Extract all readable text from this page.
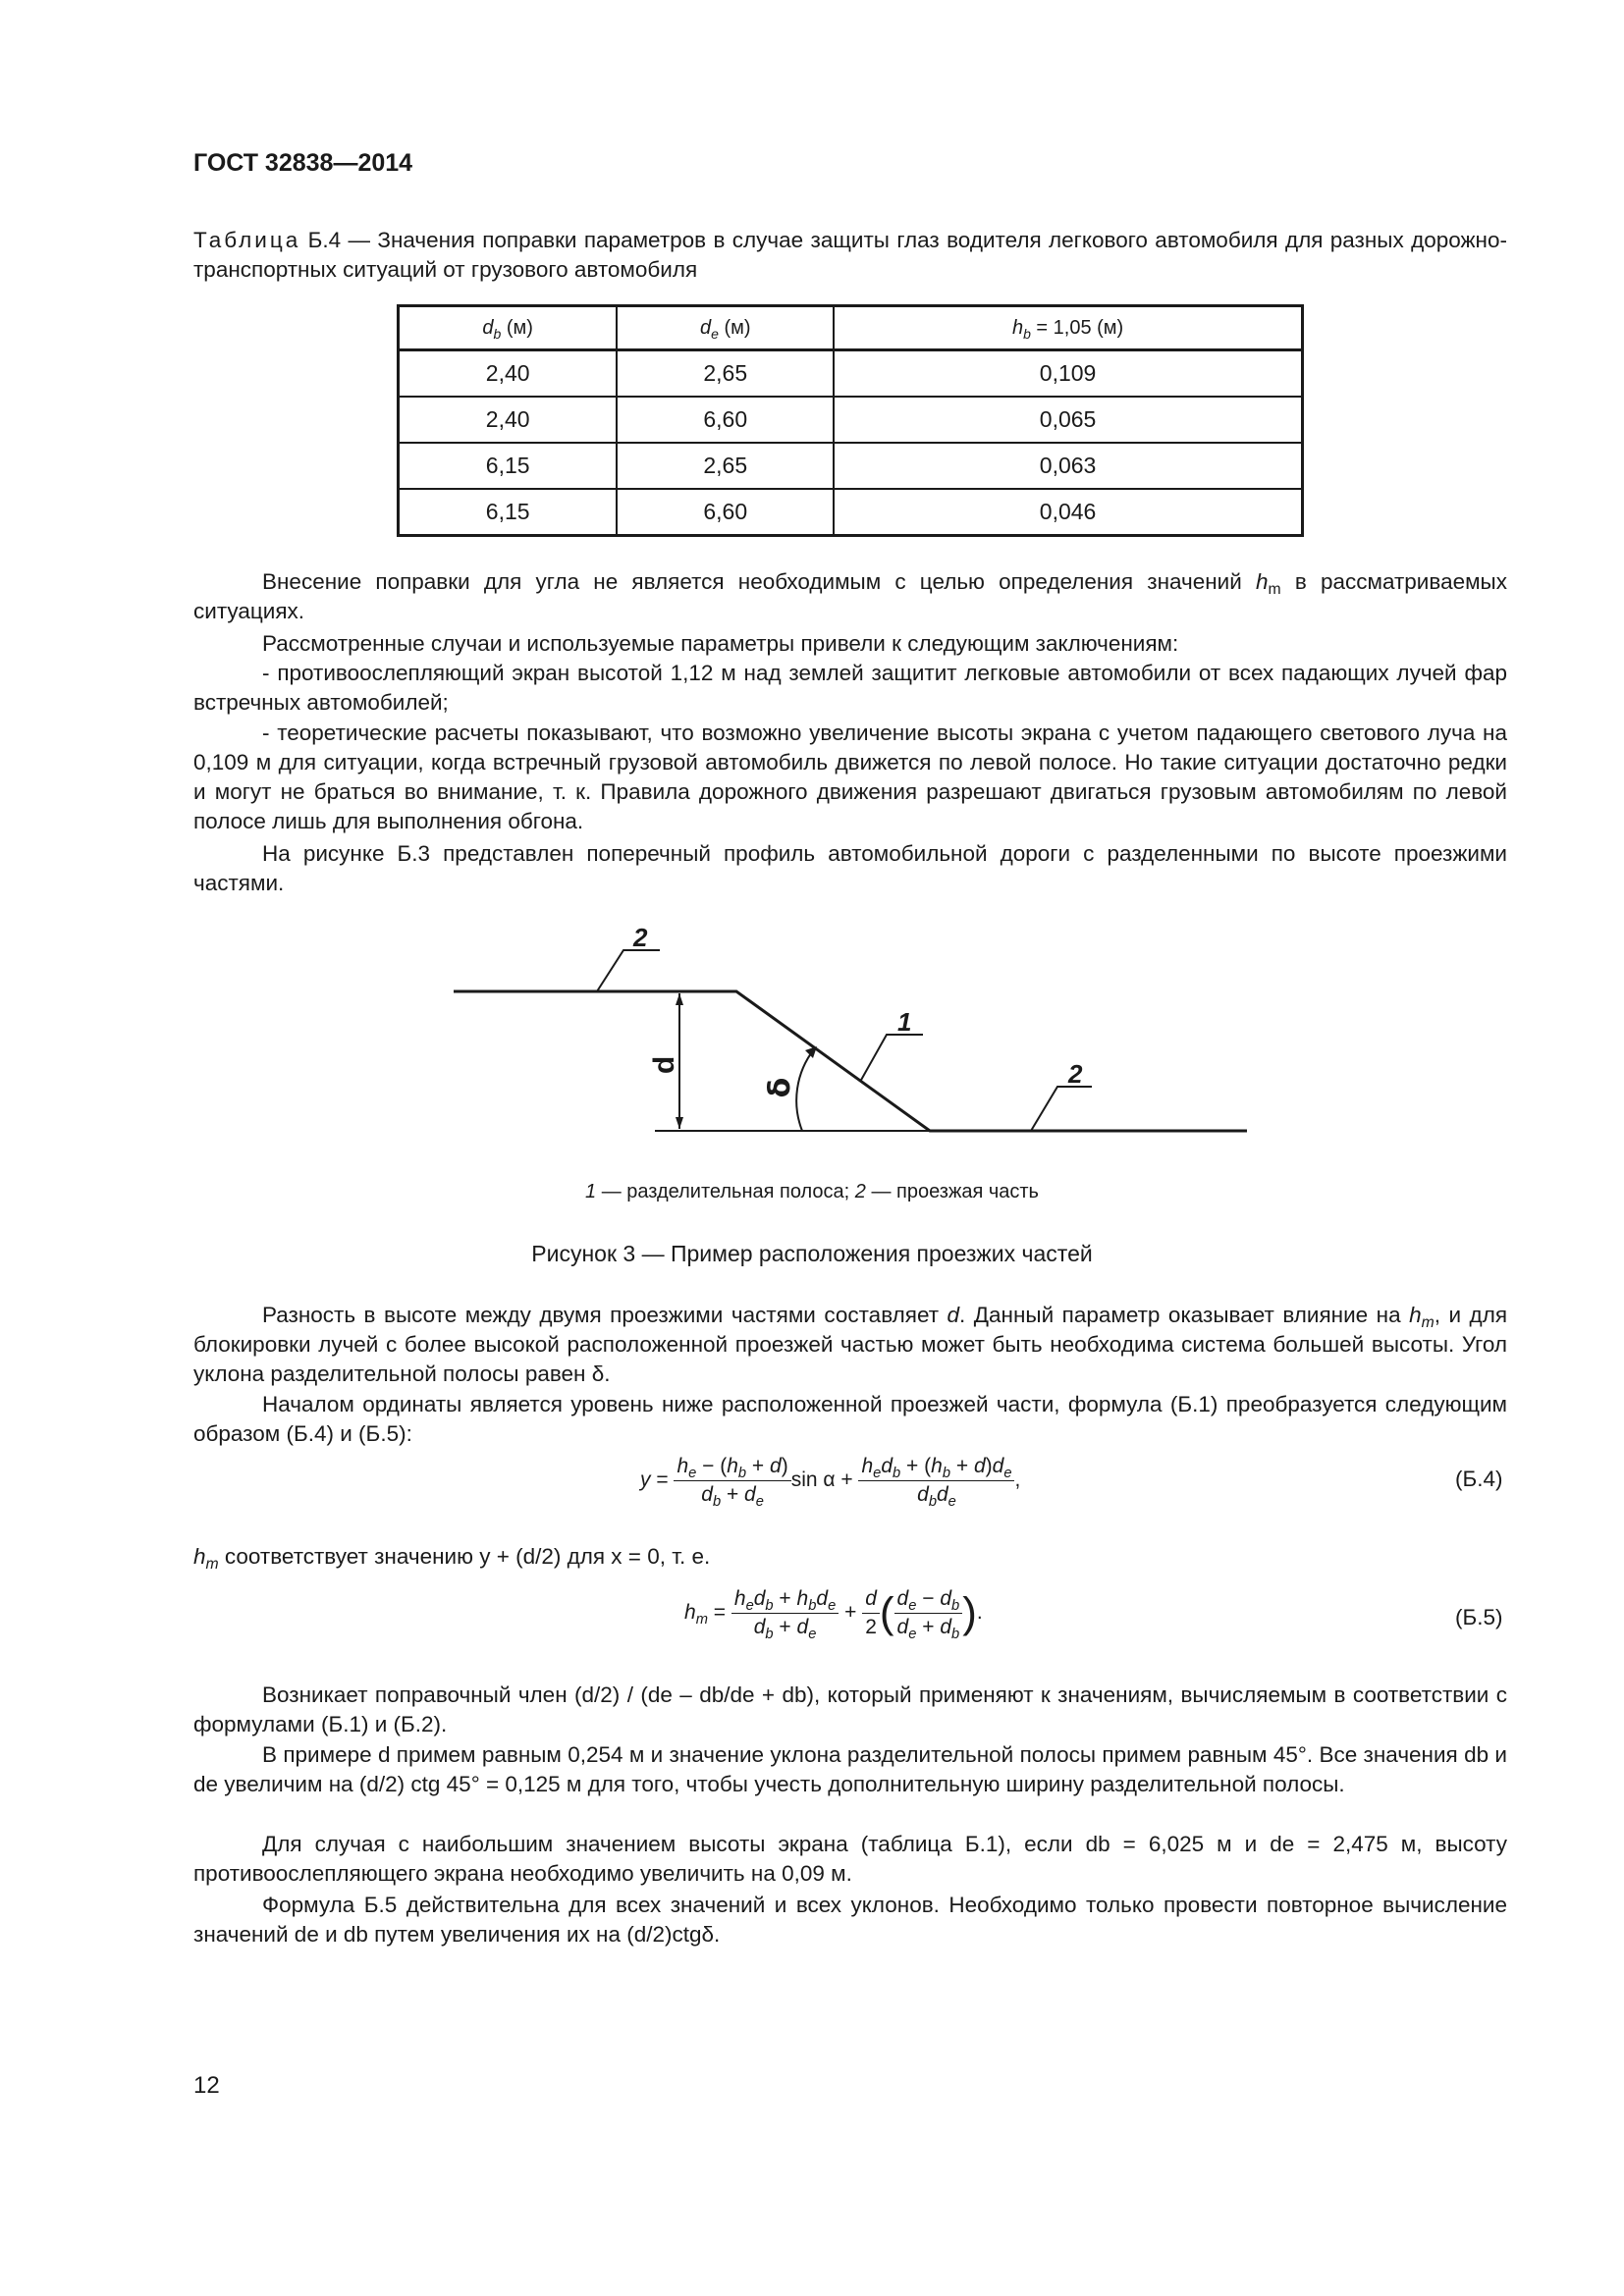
ГОСТ 32838—2014
Таблица Б.4 — Значения поправки параметров в случае защиты глаз водителя легкового автомобиля для разных дорожно-транспортных ситуаций от грузового автомобиля
$d_b$ (м)	$d_e$ (м)	$h_b = 1,05$ (м)
2,40	2,65	0,109
2,40	6,60	0,065
6,15	2,65	0,063
6,15	6,60	0,046
Внесение поправки для угла не является необходимым с целью определения значений $h_m$ в рассматриваемых ситуациях.
Рассмотренные случаи и используемые параметры привели к следующим заключениям:
- противоослепляющий экран высотой 1,12 м над землей защитит легковые автомобили от всех падающих лучей фар встречных автомобилей;
- теоретические расчеты показывают, что возможно увеличение высоты экрана с учетом падающего светового луча на 0,109 м для ситуации, когда встречный грузовой автомобиль движется по левой полосе. Но такие ситуации достаточно редки и могут не браться во внимание, т. к. Правила дорожного движения разрешают двигаться грузовым автомобилям по левой полосе лишь для выполнения обгона.
На рисунке Б.3 представлен поперечный профиль автомобильной дороги с разделенными по высоте проезжими частями.
2
1
2
d
δ
1 — разделительная полоса; 2 — проезжая часть
Рисунок 3 — Пример расположения проезжих частей
Разность в высоте между двумя проезжими частями составляет d. Данный параметр оказывает влияние на $h_m$, и для блокировки лучей с более высокой расположенной проезжей частью может быть необходима система большей высоты. Угол уклона разделительной полосы равен δ.
Началом ординаты является уровень ниже расположенной проезжей части, формула (Б.1) преобразуется следующим образом (Б.4) и (Б.5):
$y = \frac{h_e - (h_b + d)}{d_b + d_e}$ $\sin \alpha + \frac{h_ed_b + (h_b + d)d_e}{d_bd_e}$ ,	(Б.4)
$h_m$ соответствует значению y + (d/2) для x = 0, т. е.
$h_m = \frac{h_ed_b + h_bd_e}{d_b + d_e} + \frac{d}{2}$ ( $\frac{d_e - d_b}{d_e + d_b}$ ).	(Б.5)
Возникает поправочный член (d/2) / (de – db/de + db), который применяют к значениям, вычисляемым в соответствии с формулами (Б.1) и (Б.2).
В примере d примем равным 0,254 м и значение уклона разделительной полосы примем равным 45°. Все значения db и de увеличим на (d/2) ctg 45° = 0,125 м для того, чтобы учесть дополнительную ширину разделительной полосы.
Для случая с наибольшим значением высоты экрана (таблица Б.1), если db = 6,025 м и de = 2,475 м, высоту противоослепляющего экрана необходимо увеличить на 0,09 м.
Формула Б.5 действительна для всех значений и всех уклонов. Необходимо только провести повторное вычисление значений de и db путем увеличения их на (d/2)ctgδ.
12
